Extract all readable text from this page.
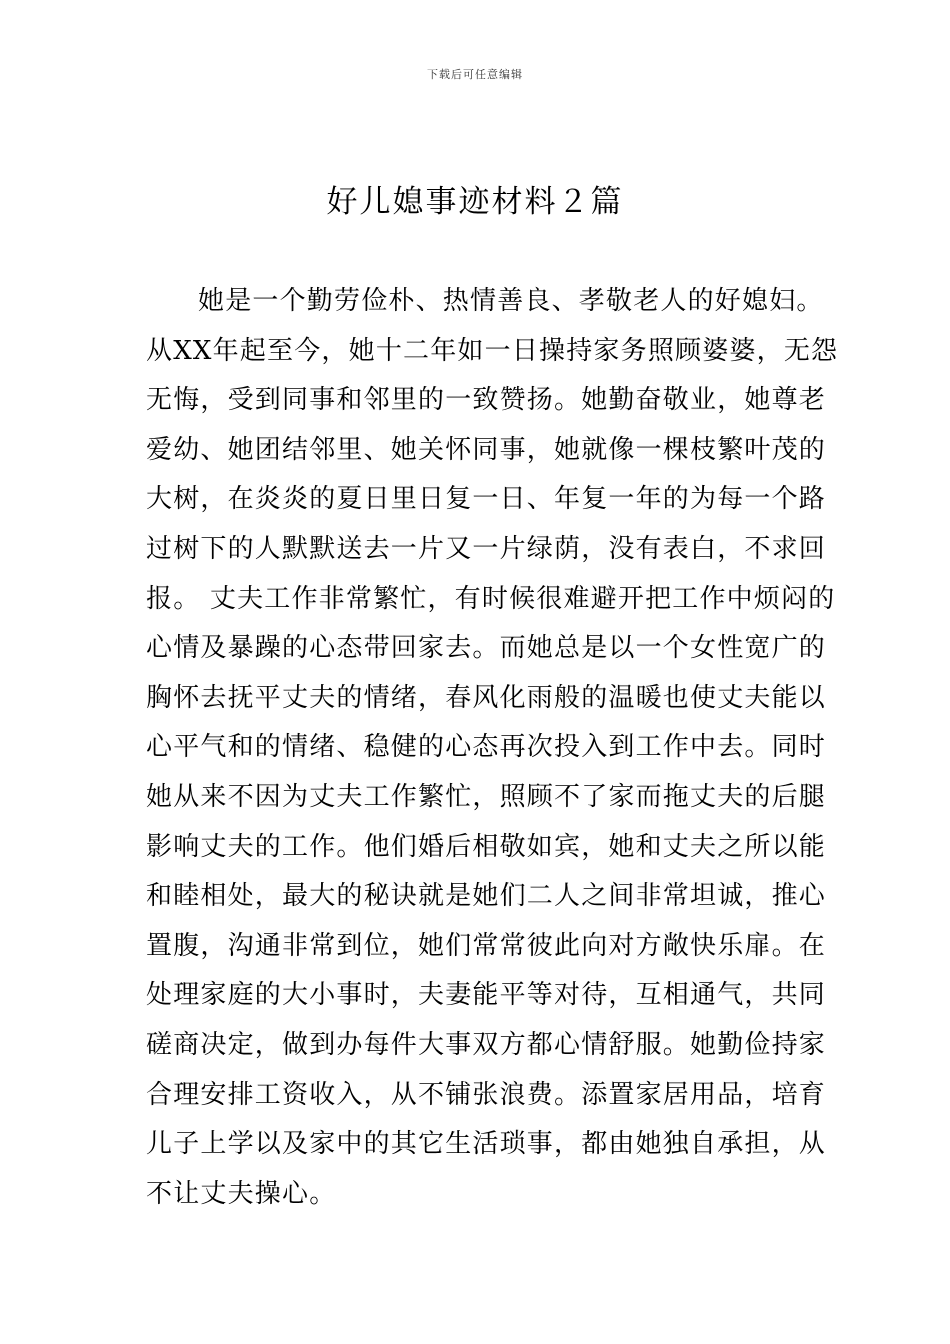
下载后可任意编辑
好儿媳事迹材料２篇
她是一个勤劳俭朴、热情善良、孝敬老人的好媳妇。
从XX年起至今，她十二年如一日操持家务照顾婆婆，无怨
无悔，受到同事和邻里的一致赞扬。她勤奋敬业，她尊老
爱幼、她团结邻里、她关怀同事，她就像一棵枝繁叶茂的
大树，在炎炎的夏日里日复一日、年复一年的为每一个路
过树下的人默默送去一片又一片绿荫，没有表白，不求回
报。 丈夫工作非常繁忙，有时候很难避开把工作中烦闷的
心情及暴躁的心态带回家去。而她总是以一个女性宽广的
胸怀去抚平丈夫的情绪，春风化雨般的温暖也使丈夫能以
心平气和的情绪、稳健的心态再次投入到工作中去。同时
她从来不因为丈夫工作繁忙，照顾不了家而拖丈夫的后腿
影响丈夫的工作。他们婚后相敬如宾，她和丈夫之所以能
和睦相处，最大的秘诀就是她们二人之间非常坦诚，推心
置腹，沟通非常到位，她们常常彼此向对方敞快乐扉。在
处理家庭的大小事时，夫妻能平等对待，互相通气，共同
磋商决定，做到办每件大事双方都心情舒服。她勤俭持家
合理安排工资收入，从不铺张浪费。添置家居用品，培育
儿子上学以及家中的其它生活琐事，都由她独自承担，从
不让丈夫操心。
